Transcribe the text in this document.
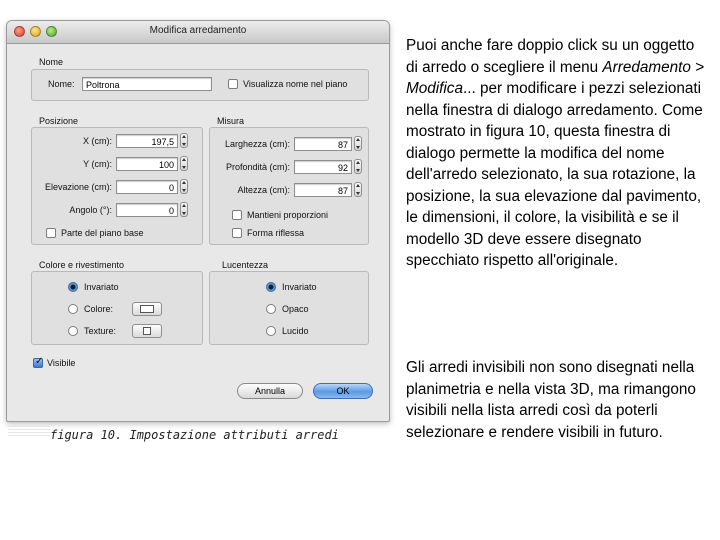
Modifica arredamento
Nome
Nome:	Poltrona	Visualizza nome nel piano
Posizione
X (cm):	197,5
Y (cm):	100
Elevazione (cm):	0
Angolo (°):	0
Parte del piano base
Misura
Larghezza (cm):	87
Profondità (cm):	92
Altezza (cm):	87
Mantieni proporzioni
Forma riflessa
Colore e rivestimento
Invariato
Colore:
Texture:
Lucentezza
Invariato
Opaco
Lucido
✓
Visibile
Annulla	OK
figura 10. Impostazione attributi arredi
Puoi anche fare doppio click su un oggetto di arredo o scegliere il menu Arredamento > Modifica... per modificare i pezzi selezionati nella finestra di dialogo arredamento. Come mostrato in figura 10, questa finestra di dialogo permette la modifica del nome dell'arredo selezionato, la sua rotazione, la posizione, la sua elevazione dal pavimento, le dimensioni, il colore, la visibilità e se il modello 3D deve essere disegnato specchiato rispetto all'originale.
Gli arredi invisibili non sono disegnati nella planimetria e nella vista 3D, ma rimangono visibili nella lista arredi così da poterli selezionare e rendere visibili in futuro.
